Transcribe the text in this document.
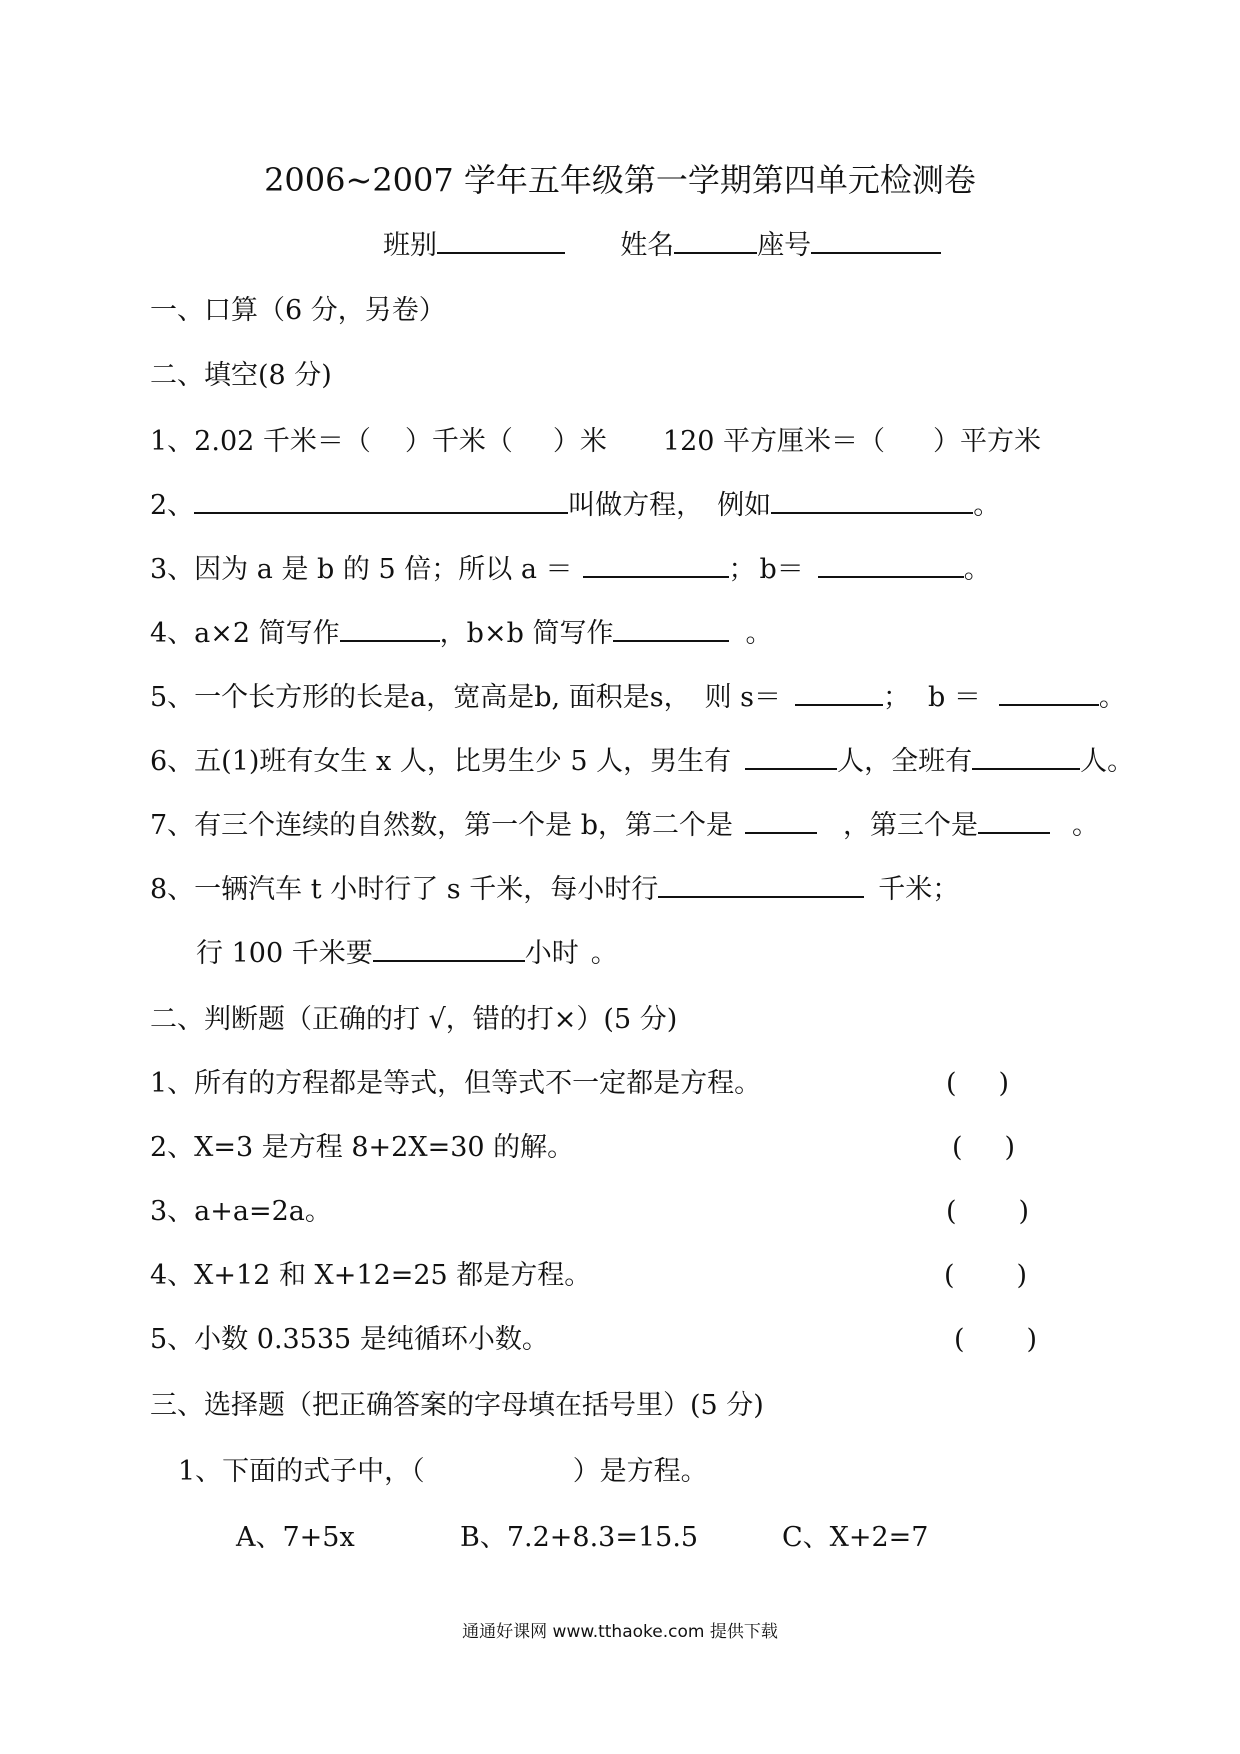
2006~2007 学年五年级第一学期第四单元检测卷
班别	姓名	座号
一、口算（6 分，另卷）
二、填空(8 分)
1、2.02 千米＝（ ）千米（ ）米 120 平方厘米＝（ ）平方米
2、	叫做方程， 例如	。
3、因为 a 是 b 的 5 倍；所以 a ＝	； b＝	。
4、a×2 简写作	，b×b 简写作	。
5、一个长方形的长是a，宽高是b, 面积是s， 则 s＝	； b ＝	。
6、五(1)班有女生 x 人，比男生少 5 人，男生有	人，全班有	人。
7、有三个连续的自然数，第一个是 b，第二个是	，第三个是	。
8、一辆汽车 t 小时行了 s 千米，每小时行	千米；
行 100 千米要	小时 。
二、判断题（正确的打 √，错的打×）(5 分)
1、所有的方程都是等式，但等式不一定都是方程。	( )
2、X=3 是方程 8+2X=30 的解。	( )
3、a+a=2a。	( )
4、X+12 和 X+12=25 都是方程。	( )
5、小数 0.3535 是纯循环小数。	( )
三、选择题（把正确答案的字母填在括号里）(5 分)
1、下面的式子中，（	）是方程。
A、7+5x	B、7.2+8.3=15.5	C、X+2=7
通通好课网 www.tthaoke.com 提供下载
